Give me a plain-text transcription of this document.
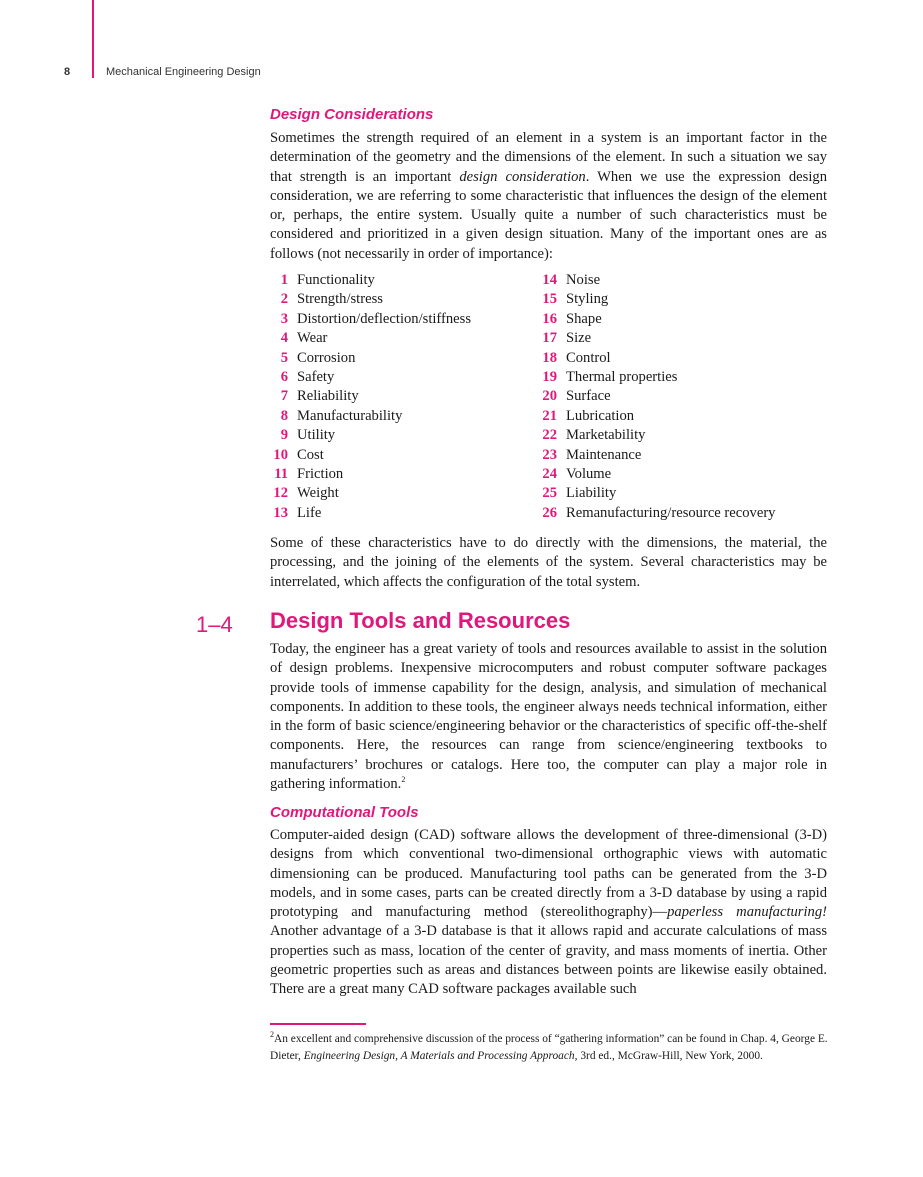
8	Mechanical Engineering Design
Design Considerations

Sometimes the strength required of an element in a system is an important factor in the determination of the geometry and the dimensions of the element. In such a situation we say that strength is an important design consideration. When we use the expression design consideration, we are referring to some characteristic that influences the design of the element or, perhaps, the entire system. Usually quite a number of such characteristics must be considered and prioritized in a given design situation. Many of the important ones are as follows (not necessarily in order of importance):

1 Functionality
2 Strength/stress
3 Distortion/deflection/stiffness
4 Wear
5 Corrosion
6 Safety
7 Reliability
8 Manufacturability
9 Utility
10 Cost
11 Friction
12 Weight
13 Life
14 Noise
15 Styling
16 Shape
17 Size
18 Control
19 Thermal properties
20 Surface
21 Lubrication
22 Marketability
23 Maintenance
24 Volume
25 Liability
26 Remanufacturing/resource recovery

Some of these characteristics have to do directly with the dimensions, the material, the processing, and the joining of the elements of the system. Several characteristics may be interrelated, which affects the configuration of the total system.

1–4 Design Tools and Resources

Today, the engineer has a great variety of tools and resources available to assist in the solution of design problems. Inexpensive microcomputers and robust computer software packages provide tools of immense capability for the design, analysis, and simulation of mechanical components. In addition to these tools, the engineer always needs technical information, either in the form of basic science/engineering behavior or the characteristics of specific off-the-shelf components. Here, the resources can range from science/engineering textbooks to manufacturers’ brochures or catalogs. Here too, the computer can play a major role in gathering information.$^2$

Computational Tools

Computer-aided design (CAD) software allows the development of three-dimensional (3-D) designs from which conventional two-dimensional orthographic views with automatic dimensioning can be produced. Manufacturing tool paths can be generated from the 3-D models, and in some cases, parts can be created directly from a 3-D database by using a rapid prototyping and manufacturing method (stereolithography)—paperless manufacturing! Another advantage of a 3-D database is that it allows rapid and accurate calculations of mass properties such as mass, location of the center of gravity, and mass moments of inertia. Other geometric properties such as areas and distances between points are likewise easily obtained. There are a great many CAD software packages available such

$^2$An excellent and comprehensive discussion of the process of “gathering information” can be found in Chap. 4, George E. Dieter, Engineering Design, A Materials and Processing Approach, 3rd ed., McGraw-Hill, New York, 2000.
